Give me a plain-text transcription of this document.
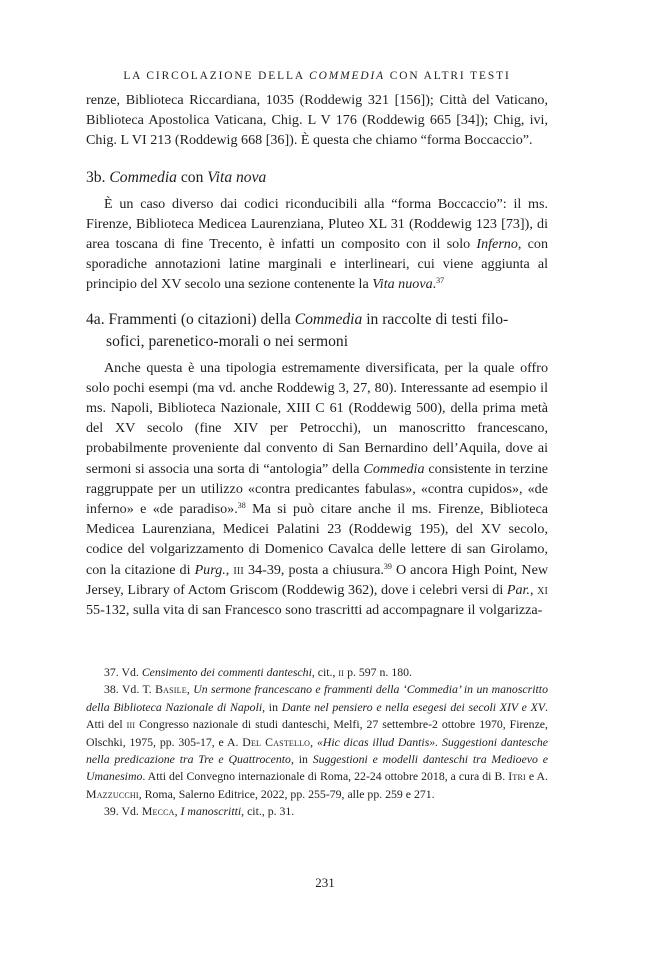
LA CIRCOLAZIONE DELLA COMMEDIA CON ALTRI TESTI

renze, Biblioteca Riccardiana, 1035 (Roddewig 321 [156]); Città del Vaticano, Biblioteca Apostolica Vaticana, Chig. L V 176 (Roddewig 665 [34]); Chig, ivi, Chig. L VI 213 (Roddewig 668 [36]). È questa che chiamo “forma Boccaccio”.

3b. Commedia con Vita nova

È un caso diverso dai codici riconducibili alla “forma Boccaccio”: il ms. Firenze, Biblioteca Medicea Laurenziana, Pluteo XL 31 (Roddewig 123 [73]), di area toscana di fine Trecento, è infatti un composito con il solo Inferno, con sporadiche annotazioni latine marginali e interlineari, cui viene aggiunta al principio del XV secolo una sezione contenente la Vita nuova.$^{37}$

4a. Frammenti (o citazioni) della Commedia in raccolte di testi filo-
sofici, parenetico-morali o nei sermoni

Anche questa è una tipologia estremamente diversificata, per la quale offro solo pochi esempi (ma vd. anche Roddewig 3, 27, 80). Interessante ad esempio il ms. Napoli, Biblioteca Nazionale, XIII C 61 (Roddewig 500), della prima metà del XV secolo (fine XIV per Petrocchi), un manoscritto francescano, probabilmente proveniente dal convento di San Bernardino dell’Aquila, dove ai sermoni si associa una sorta di “antologia” della Commedia consistente in terzine raggruppate per un utilizzo «contra predicantes fabulas», «contra cupidos», «de inferno» e «de paradiso».$^{38}$ Ma si può citare anche il ms. Firenze, Biblioteca Medicea Laurenziana, Medicei Palatini 23 (Roddewig 195), del XV secolo, codice del volgarizzamento di Domenico Cavalca delle lettere di san Girolamo, con la citazione di Purg., iii 34-39, posta a chiusura.$^{39}$ O ancora High Point, New Jersey, Library of Actom Griscom (Roddewig 362), dove i celebri versi di Par., xi 55-132, sulla vita di san Francesco sono trascritti ad accompagnare il volgarizza-

37. Vd. Censimento dei commenti danteschi, cit., ii p. 597 n. 180.

38. Vd. T. Basile, Un sermone francescano e frammenti della ‘Commedia’ in un manoscritto della Biblioteca Nazionale di Napoli, in Dante nel pensiero e nella esegesi dei secoli XIV e XV. Atti del iii Congresso nazionale di studi danteschi, Melfi, 27 settembre-2 ottobre 1970, Firenze, Olschki, 1975, pp. 305-17, e A. Del Castello, «Hic dicas illud Dantis». Suggestioni dantesche nella predicazione tra Tre e Quattrocento, in Suggestioni e modelli danteschi tra Medioevo e Umanesimo. Atti del Convegno internazionale di Roma, 22-24 ottobre 2018, a cura di B. Itri e A. Mazzucchi, Roma, Salerno Editrice, 2022, pp. 255-79, alle pp. 259 e 271.

39. Vd. Mecca, I manoscritti, cit., p. 31.

231
